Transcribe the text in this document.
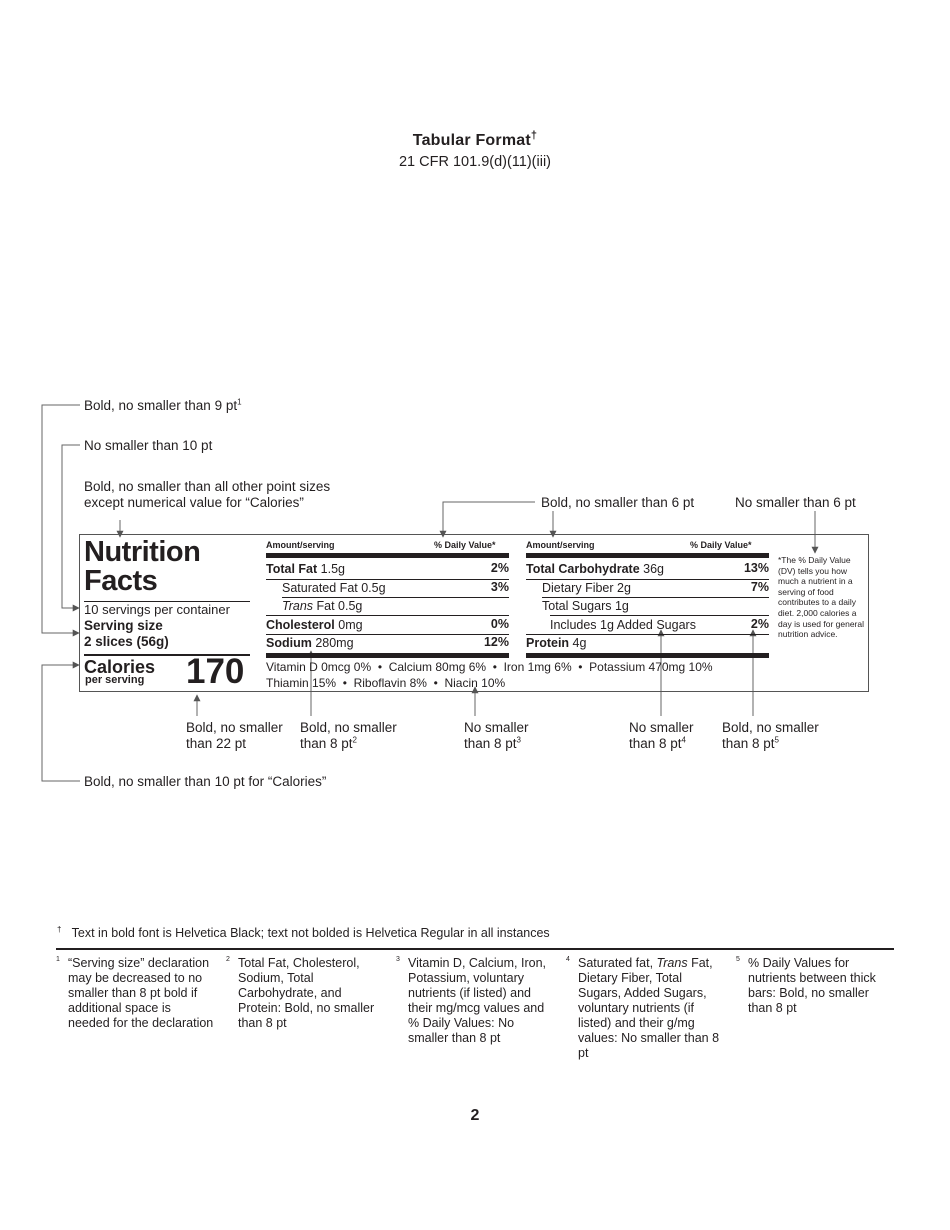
Tabular Format†
21 CFR 101.9(d)(11)(iii)
Bold, no smaller than 9 $pt^1$
No smaller than 10 pt
Bold, no smaller than all other point sizes
except numerical value for “Calories”	Bold, no smaller than 6 pt	No smaller than 6 pt
Nutrition
Facts
10 servings per container
Serving size
2 slices (56g)
Calories
per serving 170
Amount/serving	% Daily Value*
Total Fat 1.5g	2%
Saturated Fat 0.5g	3%
Trans Fat 0.5g
Cholesterol 0mg	0%
Sodium 280mg	12%
Amount/serving	% Daily Value*
Total Carbohydrate 36g	13%
Dietary Fiber 2g	7%
Total Sugars 1g
Includes 1g Added Sugars	2%
Protein 4g
*The % Daily Value (DV) tells you how much a nutrient in a serving of food contributes to a daily diet. 2,000 calories a day is used for general nutrition advice.
Vitamin D 0mcg 0%  •  Calcium 80mg 6%  •  Iron 1mg 6%  •  Potassium 470mg 10%
Thiamin 15%  •  Riboflavin 8%  •  Niacin 10%
Bold, no smaller
than 22 pt
Bold, no smaller
than 8 $pt^2$
No smaller
than 8 $pt^3$
No smaller
than 8 $pt^4$
Bold, no smaller
than 8 $pt^5$
Bold, no smaller than 10 pt for “Calories”
† Text in bold font is Helvetica Black; text not bolded is Helvetica Regular in all instances
1 “Serving size” declaration may be decreased to no smaller than 8 pt bold if additional space is needed for the declaration
2 Total Fat, Cholesterol, Sodium, Total Carbohydrate, and Protein: Bold, no smaller than 8 pt
3 Vitamin D, Calcium, Iron, Potassium, voluntary nutrients (if listed) and their mg/mcg values and % Daily Values: No smaller than 8 pt
4 Saturated fat, Trans Fat, Dietary Fiber, Total Sugars, Added Sugars, voluntary nutrients (if listed) and their g/mg values: No smaller than 8 pt
5 % Daily Values for nutrients between thick bars: Bold, no smaller than 8 pt
2
